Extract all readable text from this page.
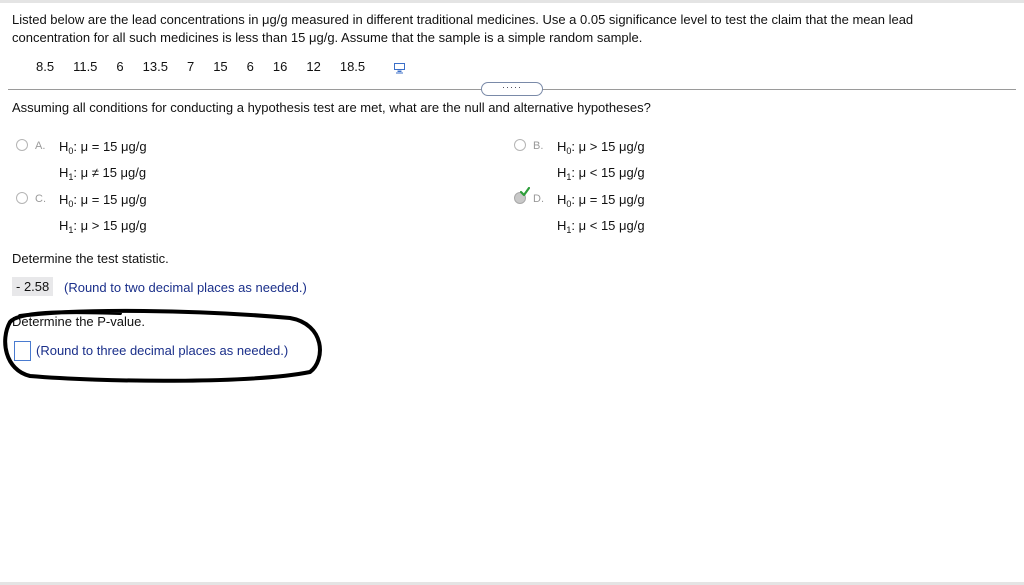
Listed below are the lead concentrations in μg/g measured in different traditional medicines. Use a 0.05 significance level to test the claim that the mean lead concentration for all such medicines is less than 15 μg/g. Assume that the sample is a simple random sample.
8.5 11.5 6 13.5 7 15 6 16 12 18.5
·····
Assuming all conditions for conducting a hypothesis test are met, what are the null and alternative hypotheses?
A. $H_0$: μ = 15 μg/g
$H_1$: μ ≠ 15 μg/g
B. $H_0$: μ > 15 μg/g
$H_1$: μ < 15 μg/g
C. $H_0$: μ = 15 μg/g
$H_1$: μ > 15 μg/g
D. $H_0$: μ = 15 μg/g
$H_1$: μ < 15 μg/g
Determine the test statistic.
- 2.58	(Round to two decimal places as needed.)
Determine the P-value.
(Round to three decimal places as needed.)
